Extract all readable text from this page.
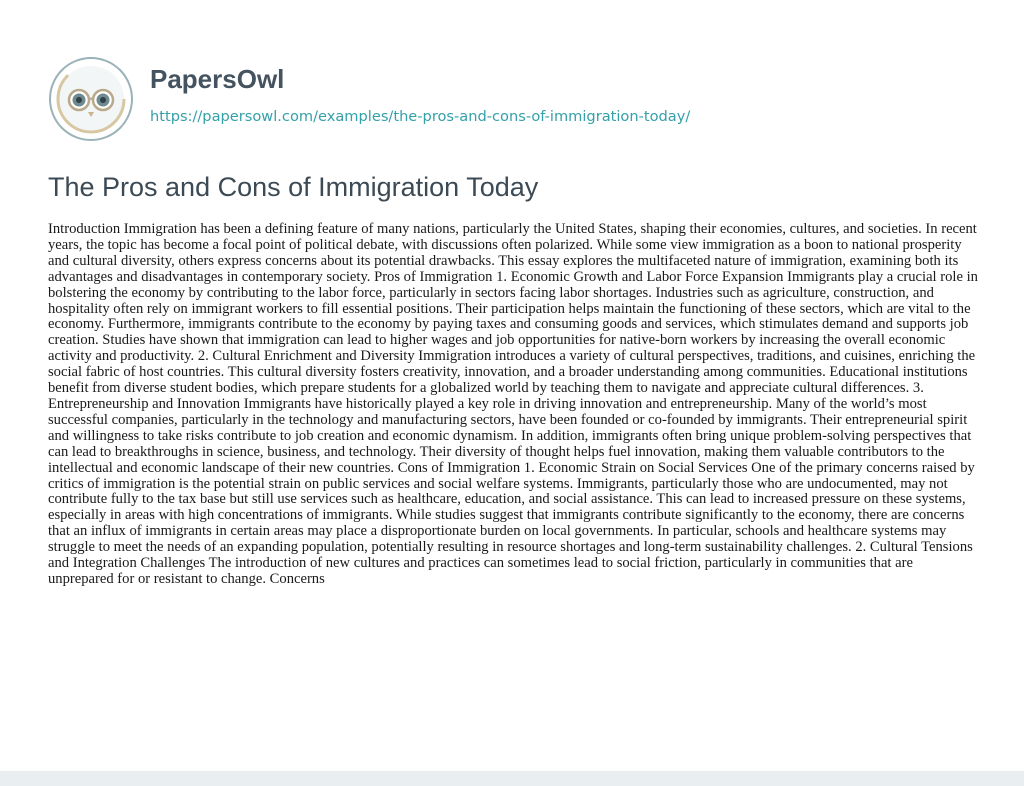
PapersOwl
https://papersowl.com/examples/the-pros-and-cons-of-immigration-today/
The Pros and Cons of Immigration Today

Introduction Immigration has been a defining feature of many nations, particularly the United States, shaping their economies, cultures, and societies. In recent years, the topic has become a focal point of political debate, with discussions often polarized. While some view immigration as a boon to national prosperity and cultural diversity, others express concerns about its potential drawbacks. This essay explores the multifaceted nature of immigration, examining both its advantages and disadvantages in contemporary society. Pros of Immigration 1. Economic Growth and Labor Force Expansion Immigrants play a crucial role in bolstering the economy by contributing to the labor force, particularly in sectors facing labor shortages. Industries such as agriculture, construction, and hospitality often rely on immigrant workers to fill essential positions. Their participation helps maintain the functioning of these sectors, which are vital to the economy. Furthermore, immigrants contribute to the economy by paying taxes and consuming goods and services, which stimulates demand and supports job creation. Studies have shown that immigration can lead to higher wages and job opportunities for native-born workers by increasing the overall economic activity and productivity. 2. Cultural Enrichment and Diversity Immigration introduces a variety of cultural perspectives, traditions, and cuisines, enriching the social fabric of host countries. This cultural diversity fosters creativity, innovation, and a broader understanding among communities. Educational institutions benefit from diverse student bodies, which prepare students for a globalized world by teaching them to navigate and appreciate cultural differences. 3. Entrepreneurship and Innovation Immigrants have historically played a key role in driving innovation and entrepreneurship. Many of the world’s most successful companies, particularly in the technology and manufacturing sectors, have been founded or co-founded by immigrants. Their entrepreneurial spirit and willingness to take risks contribute to job creation and economic dynamism. In addition, immigrants often bring unique problem-solving perspectives that can lead to breakthroughs in science, business, and technology. Their diversity of thought helps fuel innovation, making them valuable contributors to the intellectual and economic landscape of their new countries. Cons of Immigration 1. Economic Strain on Social Services One of the primary concerns raised by critics of immigration is the potential strain on public services and social welfare systems. Immigrants, particularly those who are undocumented, may not contribute fully to the tax base but still use services such as healthcare, education, and social assistance. This can lead to increased pressure on these systems, especially in areas with high concentrations of immigrants. While studies suggest that immigrants contribute significantly to the economy, there are concerns that an influx of immigrants in certain areas may place a disproportionate burden on local governments. In particular, schools and healthcare systems may struggle to meet the needs of an expanding population, potentially resulting in resource shortages and long-term sustainability challenges. 2. Cultural Tensions and Integration Challenges The introduction of new cultures and practices can sometimes lead to social friction, particularly in communities that are unprepared for or resistant to change. Concerns
